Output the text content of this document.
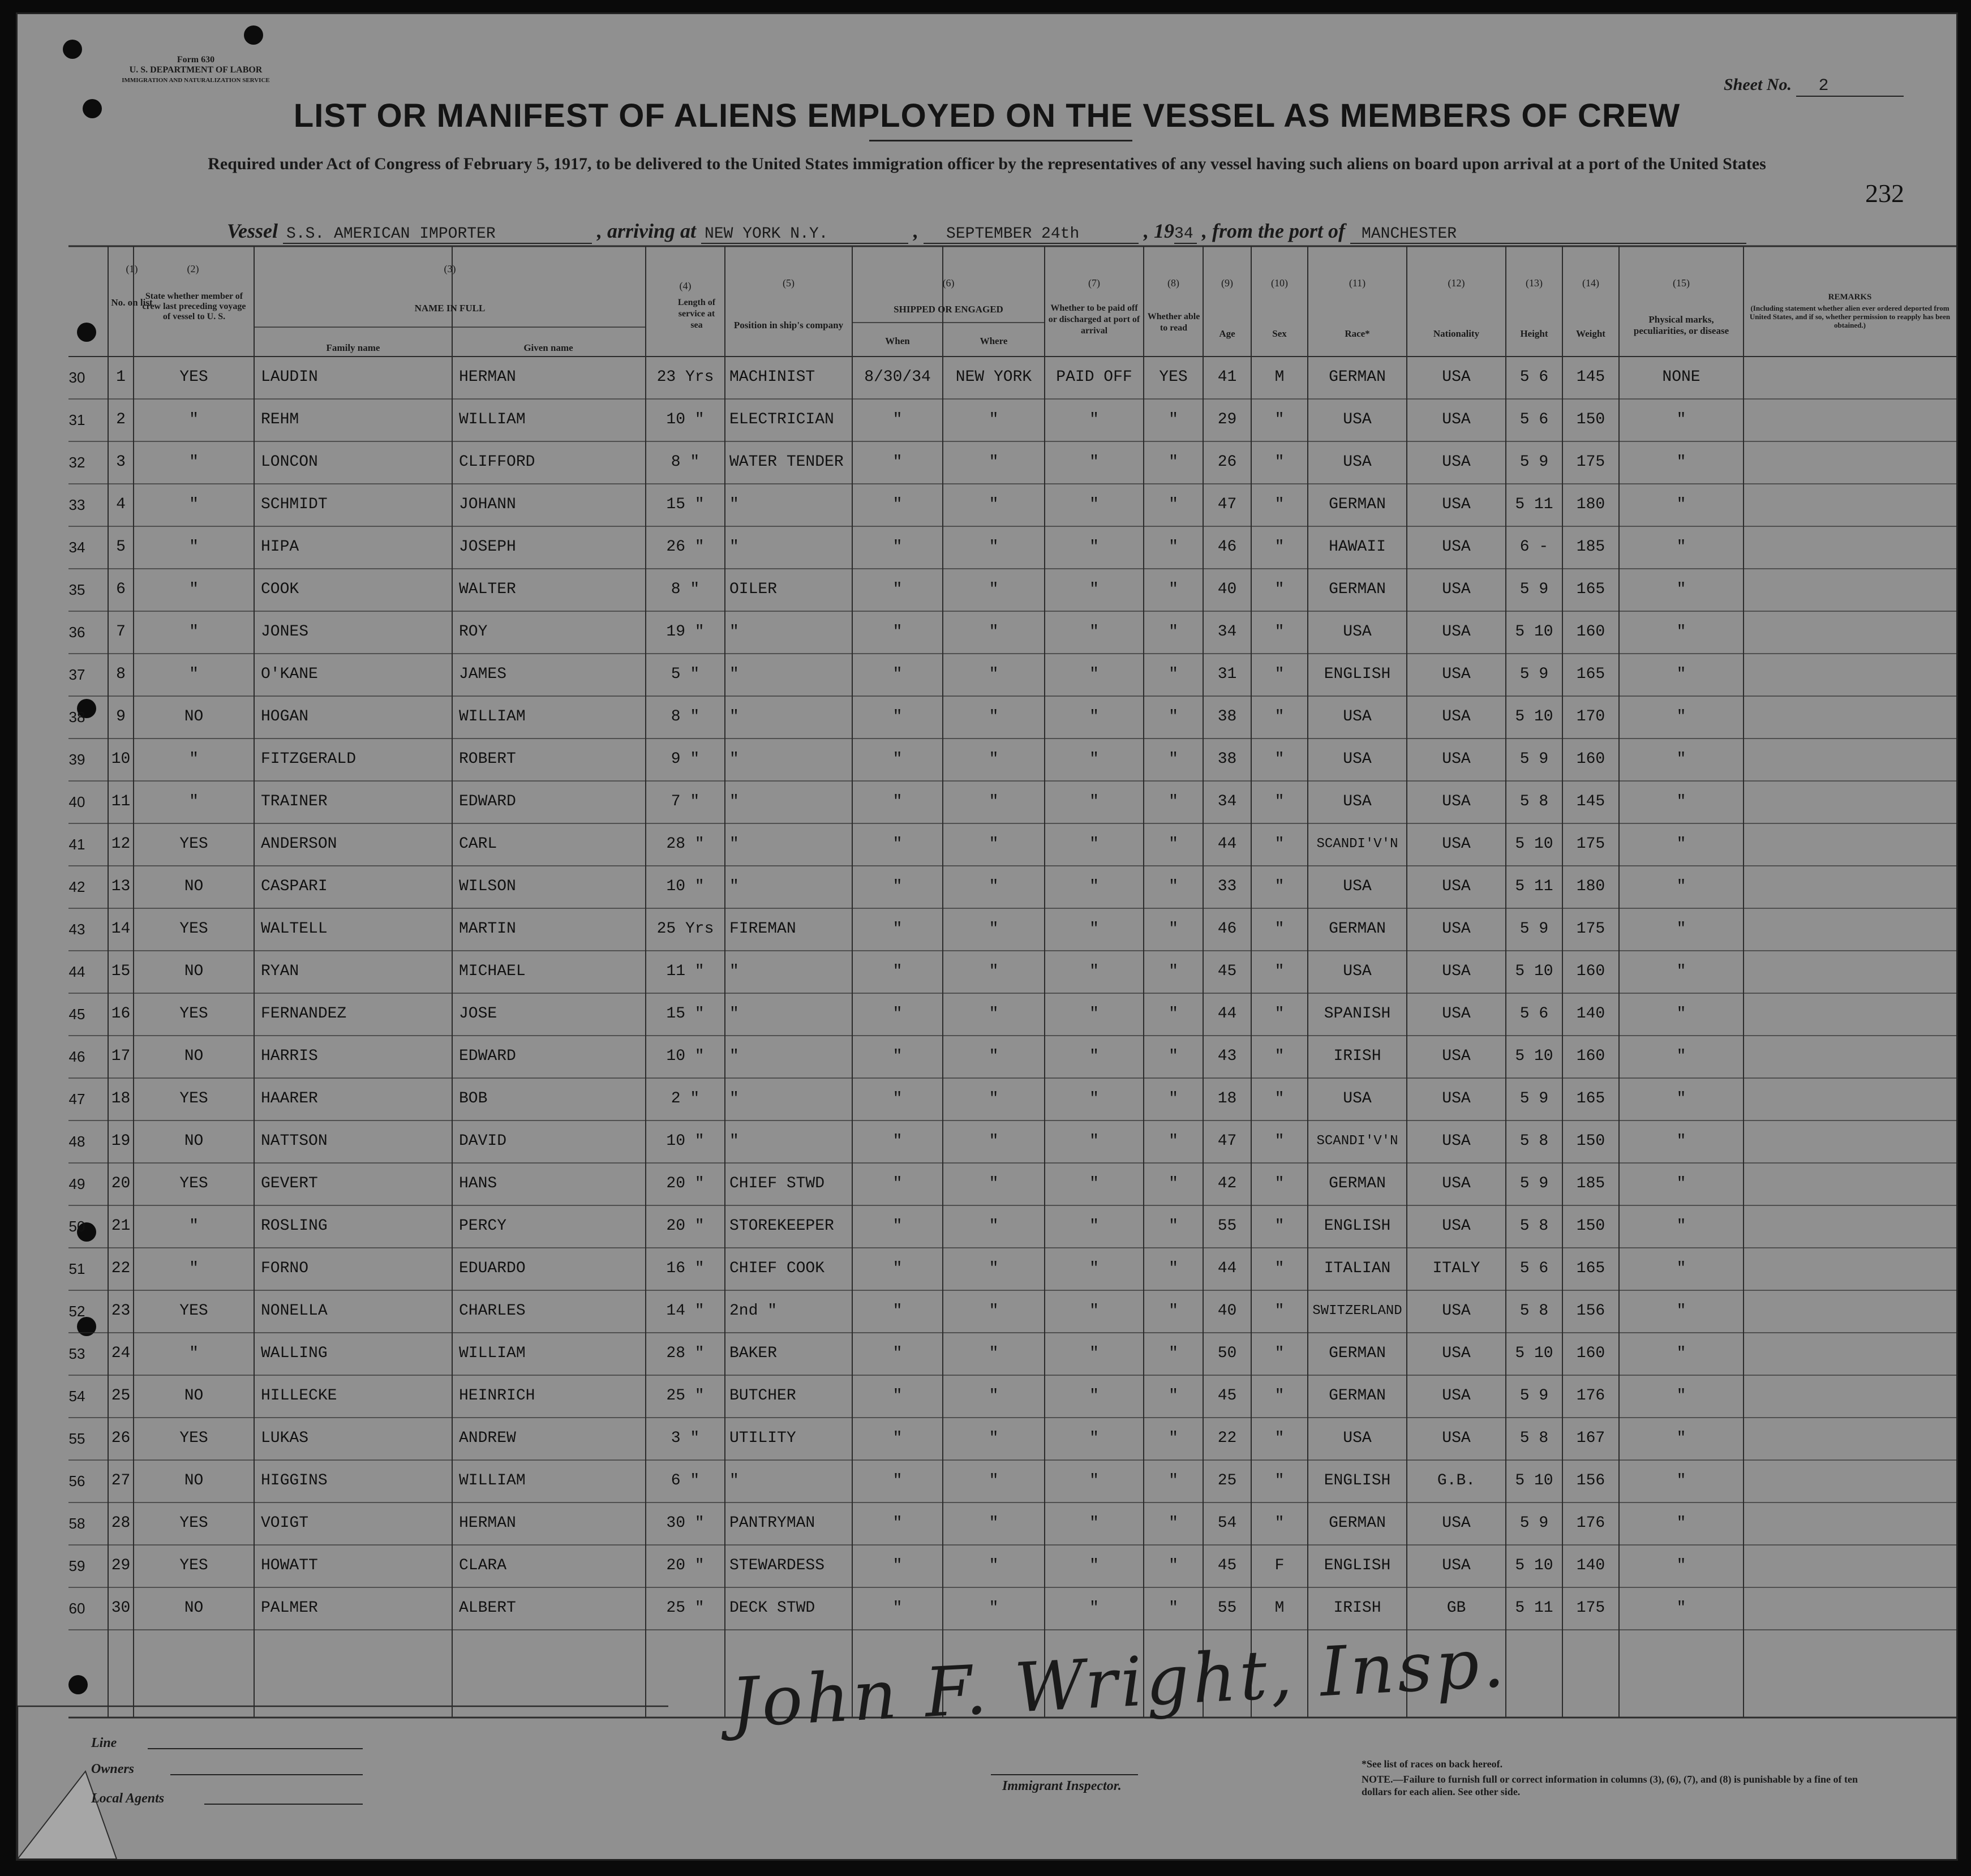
Form 630
U. S. DEPARTMENT OF LABOR
IMMIGRATION AND NATURALIZATION SERVICE	Sheet No. 2
LIST OR MANIFEST OF ALIENS EMPLOYED ON THE VESSEL AS MEMBERS OF CREW
Required under Act of Congress of February 5, 1917, to be delivered to the United States immigration officer by the representatives of any vessel having such aliens on board upon arrival at a port of the United States
232
Vessel S.S. AMERICAN IMPORTER	, arriving at NEW YORK N.Y.	, SEPTEMBER 24th	, 1934 , from the port of MANCHESTER
(1)
No. on list
(2)
State whether member of crew last preceding voyage of vessel to U. S.
(3)
NAME IN FULL
Family name	Given name
(4)
Length of service at sea
(5)
Position in ship's company
(6)
SHIPPED OR ENGAGED
When	Where
(7)
Whether to be paid off or discharged at port of arrival
(8)
Whether able to read
(9)
Age
(10)
Sex
(11)
Race*
(12)
Nationality
(13)
Height
(14)
Weight
(15)
Physical marks, peculiarities, or disease
REMARKS
(Including statement whether alien ever ordered deported from United States, and if so, whether permission to reapply has been obtained.)
30	1	YES	LAUDIN	HERMAN	23 Yrs MACHINIST	8/30/34	NEW YORK	PAID OFF	YES	41	M	GERMAN	USA	5 6	145	NONE
31	2	"	REHM	WILLIAM	10 "	ELECTRICIAN	"	"	"	"	29	"	USA	USA	5 6	150	"
32	3	"	LONCON	CLIFFORD	8 "	WATER TENDER	"	"	"	"	26	"	USA	USA	5 9	175	"
33	4	"	SCHMIDT	JOHANN	15 "	"	"	"	"	"	47	"	GERMAN	USA	5 11	180	"
34	5	"	HIPA	JOSEPH	26 "	"	"	"	"	"	46	"	HAWAII	USA	6 -	185	"
35	6	"	COOK	WALTER	8 "	OILER	"	"	"	"	40	"	GERMAN	USA	5 9	165	"
36	7	"	JONES	ROY	19 "	"	"	"	"	"	34	"	USA	USA	5 10	160	"
37	8	"	O'KANE	JAMES	5 "	"	"	"	"	"	31	"	ENGLISH	USA	5 9	165	"
38	9	NO	HOGAN	WILLIAM	8 "	"	"	"	"	"	38	"	USA	USA	5 10	170	"
39	10	"	FITZGERALD	ROBERT	9 "	"	"	"	"	"	38	"	USA	USA	5 9	160	"
40	11	"	TRAINER	EDWARD	7 "	"	"	"	"	"	34	"	USA	USA	5 8	145	"
41	12	YES	ANDERSON	CARL	28 "	"	"	"	"	"	44	"	SCANDI'V'N	USA	5 10	175	"
42	13	NO	CASPARI	WILSON	10 "	"	"	"	"	"	33	"	USA	USA	5 11	180	"
43	14	YES	WALTELL	MARTIN	25 Yrs FIREMAN	"	"	"	"	46	"	GERMAN	USA	5 9	175	"
44	15	NO	RYAN	MICHAEL	11 "	"	"	"	"	"	45	"	USA	USA	5 10	160	"
45	16	YES	FERNANDEZ	JOSE	15 "	"	"	"	"	"	44	"	SPANISH	USA	5 6	140	"
46	17	NO	HARRIS	EDWARD	10 "	"	"	"	"	"	43	"	IRISH	USA	5 10	160	"
47	18	YES	HAARER	BOB	2 "	"	"	"	"	"	18	"	USA	USA	5 9	165	"
48	19	NO	NATTSON	DAVID	10 "	"	"	"	"	"	47	"	SCANDI'V'N	USA	5 8	150	"
49	20	YES	GEVERT	HANS	20 "	CHIEF STWD	"	"	"	"	42	"	GERMAN	USA	5 9	185	"
50	21	"	ROSLING	PERCY	20 "	STOREKEEPER	"	"	"	"	55	"	ENGLISH	USA	5 8	150	"
51	22	"	FORNO	EDUARDO	16 "	CHIEF COOK	"	"	"	"	44	"	ITALIAN	ITALY	5 6	165	"
52	23	YES	NONELLA	CHARLES	14 "	2nd "	"	"	"	"	40	"	SWITZERLAND	USA	5 8	156	"
53	24	"	WALLING	WILLIAM	28 "	BAKER	"	"	"	"	50	"	GERMAN	USA	5 10	160	"
54	25	NO	HILLECKE	HEINRICH	25 "	BUTCHER	"	"	"	"	45	"	GERMAN	USA	5 9	176	"
55	26	YES	LUKAS	ANDREW	3 "	UTILITY	"	"	"	"	22	"	USA	USA	5 8	167	"
56	27	NO	HIGGINS	WILLIAM	6 "	"	"	"	"	"	25	"	ENGLISH	G.B.	5 10	156	"
58	28	YES	VOIGT	HERMAN	30 "	PANTRYMAN	"	"	"	"	54	"	GERMAN	USA	5 9	176	"
59	29	YES	HOWATT	CLARA	20 "	STEWARDESS	"	"	"	"	45	F	ENGLISH	USA	5 10	140	"
60	30	NO	PALMER	ALBERT	25 "	DECK STWD	"	"	"	"	55	M	IRISH	GB	5 11	175	"
Line
Owners
Local Agents
Immigrant Inspector.
*See list of races on back hereof.
NOTE.—Failure to furnish full or correct information in columns (3), (6), (7), and (8) is punishable by a fine of ten dollars for each alien. See other side.
John F. Wright, Insp.
